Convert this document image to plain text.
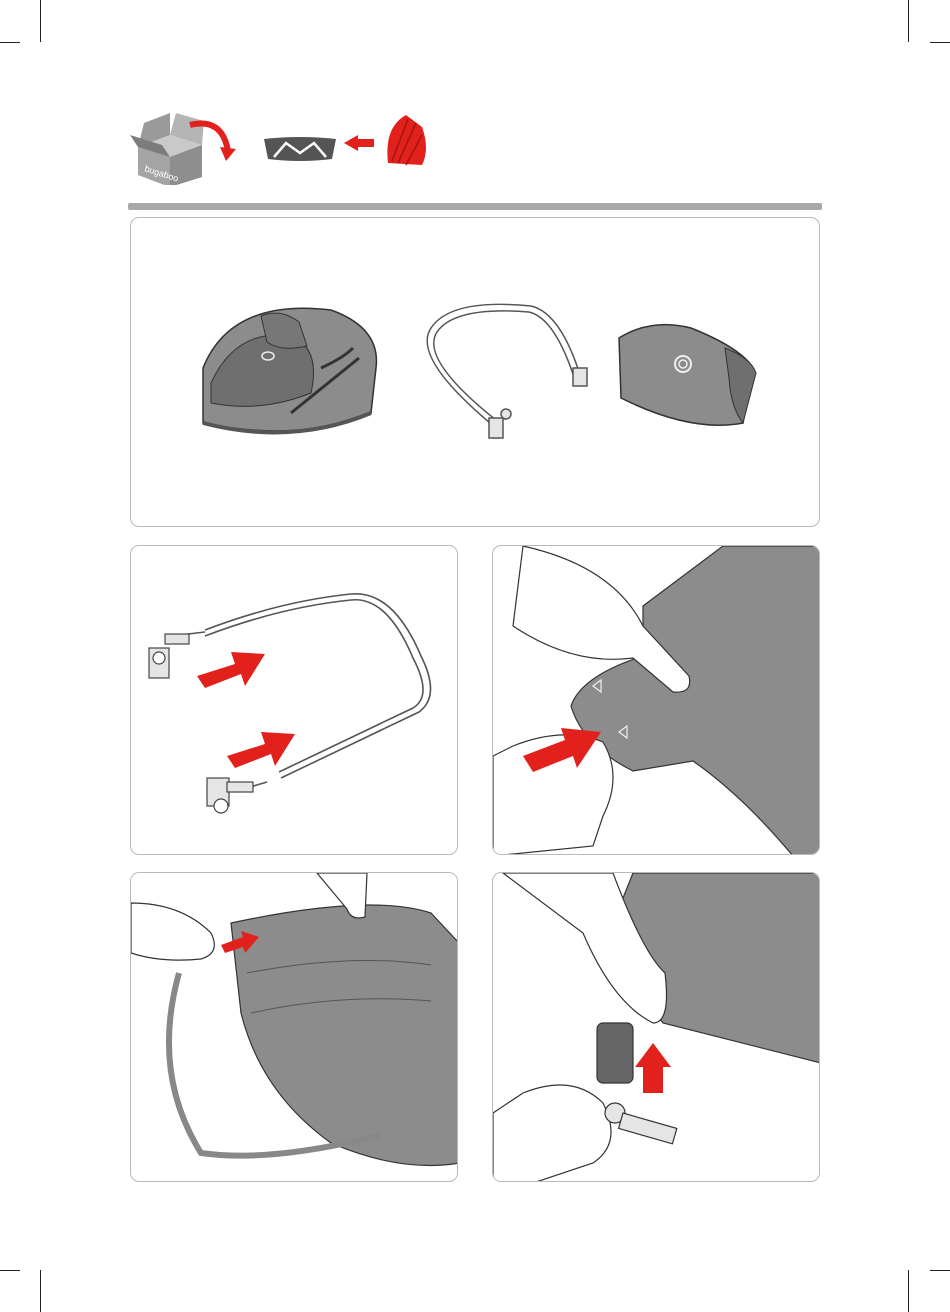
bugaboo
